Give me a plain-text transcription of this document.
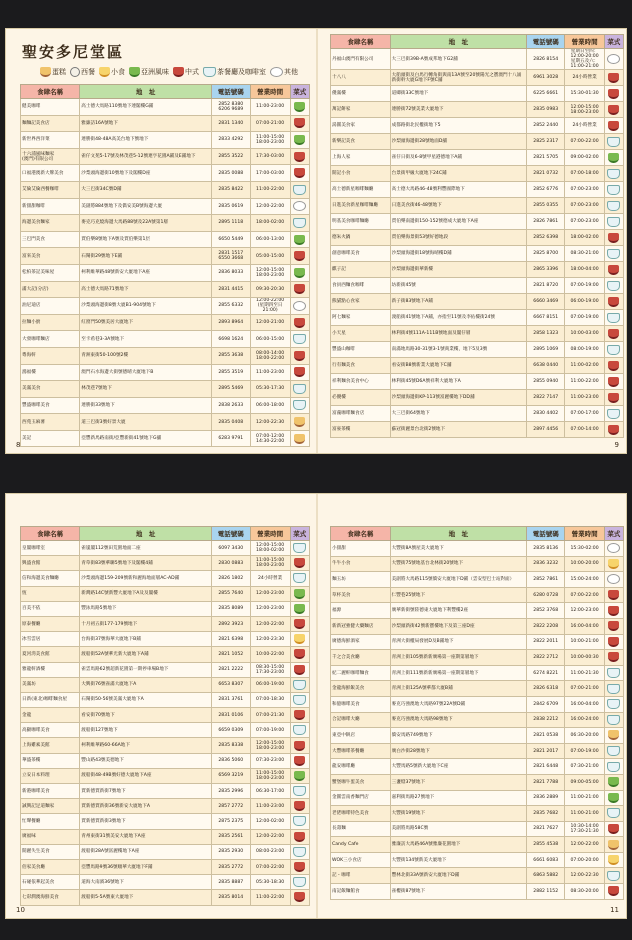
聖安多尼堂區
蛋糕 西餐 小食 亞洲風味 中式	茶餐廳及咖啡室	其他
食肆名稱	地　址	電話號碼	營業時間	菜式
健美咖啡	高士德大馬路110號地下連閣樓G鋪	2852 8380
6206 9689	11:00-23:00	
麵麵記美食店	雅廉訪16A號地下	2831 1340	07:00-21:00	
新世界西洋菜	連勝街48-48A高美台地下號地下	2833 4292	11:00-15:00
18:00-23:00	
十六浦風味麵家
(澳門)有限公司	雀仔文苑5-17號及林茂巷5-12號連亨花園A鋪及E鋪地下	2855 3522	17:30-03:00	
口福港澳新大牌美食	沙梨頭海邊街10號地下及閣樓D座	2835 0088	17:00-03:00	
艾倫艾倫西餐咖啡	大三巴街34C號D鋪	2835 8422	11:00-22:00	
新甜甜咖啡	美副將884號地下及僑安美B號海邊大廈	2835 0619	12:00-22:00	
海邊美食麵家	麥克巧克燒海邊大馬路88號及22A號第1層	2895 1118	18:00-02:00	
三巴門美食	賈伯樂8號地下A號及賈伯樂第1层	6650 5449	06:00-13:00	
富來美食	石閘街29號地下E鋪	2831 1517
6550 3668	05:00-15:00	
松柏茶記美味屋	柯利維華路48號新安大廈地下A座	2836 8033	12:00-15:00
18:00-23:00	
滿大記(分店)	高士德大馬路71號地下	2831 4415	09:30-20:30	
油尼迪店	沙梨頭海邊街8號大廈B1-904號地下	2855 6332	12:00-22:00
(星期四至日
21:00)	
拉麵小廚	紅窗門50號美居大廈地下	2893 8964	12:00-21:00	
大發咖啡麵店	至卡希巷3-3A號地下	6698 1624	06:00-15:00	
粵海軒	青洲東街50-100號2樓	2855 3638	08:00-14:00
18:00-22:00	
鴻福樓	澳門石水海邊大街號德晴大廈地下B	2855 3519	11:00-23:00	
美滿美食	林茂巷7號地下	2895 5469	05:30-17:30	
豐盛咖啡美食	連勝街33號地下	2838 2633	06:00-18:00	
西苑玉麻薯	道三巴街3號好景大廈	2835 0408	12:00-22:30	
美記	亞豐新馬路南街/亞豐新街41號地下G舖	6283 9791	07:00-12:00
14:30-22:00	
8
食肆名稱	地　址	電話號碼	營業時間	菜式
丹福山澳門有限公司	大三巴街39B-A號成邦地下G2舖	2826 8154	星期日至四：
12:00-20:00
星期五及六：
11:00-21:00	
十八八	大船頭街及白馬行轉角街與南13A號至20號陽光之寶澳門十八涌新街幹大廈G地下F號C舖	6961 3028	24小時營業	
優滿樓	道卿街33C號地下	6225 6661	15:30-01:30	
萬記餅家	連勝街72號美業大廈地下	2835 0983	12:00-15:00
18:00-23:00	
湯圓美食家	成都路街北民權街地下5	2852 2440	24小時營業	
新樂記美食	沙梨頭海邊街28號地面D舖	2825 2317	07:00-22:00	
上海人家	雀仔日街及6-8號甲星港德地下A鋪	2821 5705	09:00-02:00	
開記小食	台景街甲級大廈地下24C鋪	2821 0732	07:00-18:00	
高士德新星咖啡麵廳	高士德大馬路46-48號利豐國際地下	2852 6776	07:00-23:00	
日進美食新星咖啡麵廳	日進美食街46-48號地下	2855 0355	07:00-23:00	
明基美食咖啡麵廳	賈伯樂南邊街150-152號德成大廈地下A座	2826 7861	07:00-23:00	
德朱火鍋	賈伯樂海景街53號好德地段	2852 6398	18:00-02:00	
創意咖啡美食	沙梨頭海邊街18號海晴樓D鋪	2825 8700	08:30-21:00	
麒子記	沙梨頭海邊街華新樓	2865 3396	18:00-04:00	
食員西麵食咖啡	坊新街45號	2821 8720	07:00-19:00	
熊貓點心食家	新子街83號地下A鋪	6660 3469	06:00-19:00	
阿七麵家	渡船街41號地下A鋪，亦指至11號及李佑樓街24號	6667 8151	07:00-19:00	
小天星	林利街4號111A-111B號地面及閣仔層	2858 1323	10:00-03:00	
豐盛山咖啡	南滿地馬路30-31號3-1號商業樓，地下5及3號	2895 1069	08:00-19:00	
行有麵美食	看安街B8號新業大廈地下C舖	6638 0440	11:00-02:00	
祥利麵食美食中心	林利街45號D6A號祥利大廈地下A	2855 0940	11:00-22:00	
必優樓	沙梨頭海邊街KP-113號富麗樓地下DD舖	2822 7147	11:00-23:00	
富藻咖啡麵食店	大三巴街64號地下	2830 4402	07:00-17:00	
富豪茶樓	蘇冠街麗景台北街2號地下	2897 4456	07:00-14:00	
9
食肆名稱	地　址	電話號碼	營業時間	菜式
皇閣咖啡室	雀嵐閣112號田荒園地面二座	6097 3430	12:00-15:00
18:00-02:00	
興盛食館	青草街83號華聯5號地下及閣樓4鋪	2830 0883	11:00-15:00
18:00-23:00	
信和海邊美食麵廳	沙梨頭海邊159-209號新和麗海地面層AC-AD鋪	2826 1802	24小時營業	
恆	新灣路14C號新豐大廈地下A及及閣樓	2855 7640	12:00-23:00	
百美不依	豐泳馬路5號地下	2835 8089	12:00-23:00	
原泰餐廳	十月初五街177-179號地下	2892 3923	12:00-22:00	
冰雪雲居	台海街37號海華大廈地下B鋪	2821 6398	12:00-23:30	
夏河湾美食館	渡船街52A號華光新大廈地下A鋪	2821 1052	10:00-22:00	
雅龍軒酒樓	雀雲馬路62號超新花園第一期停車場B地下	2821 2222	08:30-15:00
17:30-23:00	
美滿坊	大興街76號雀滿大廈地下A	6653 8307	06:00-19:00	
日新(東北)咖啡麵食屋	石閘街50-56號美滿大廈地下A	2831 3761	07:00-18:30	
金龍	看安街70號地下	2831 0106	07:00-21:30	
高顯咖啡美食	渡船街127號地下	6659 0309	07:00-19:00	
上海雞素美館	柯利維華路60-66A地下	2835 8338	12:00-15:00
18:00-23:00	
華盛茶樓	豐山路43號美德地下	2836 5060	07:30-23:00	
立安日本料理	渡船街48-49B號好德大廈地下A座	6569 3219	11:00-15:00
18:00-23:00	
新港咖啡美食	賈新德賈新街7號地下	2835 2996	06:30-17:00	
誠興記足道麵家	賈新德賈新街36號新安大廈地下A	2857 2772	11:00-23:00	
忙聲餐廳	賈新德賈新街3號地下	2875 2375	12:00-02:00	
廣福味	青州東街31號美安大廈地下A座	2835 2561	12:00-22:00	
開麗失生美食	渡船街28A號富麗樓地下A座	2835 2930	08:00-23:00	
佰家美食廳	亞豐馬路9號36號順華大廈地下F鋪	2835 2772	07:00-22:00	
石碰依華起美食	道海大南濱36號地下	2835 8887	05:30-18:30	
七彩潤澳海鮮美食	渡船街5-5A號東大廈地下	2835 8014	11:00-22:00	
10
食肆名稱	地　址	電話號碼	營業時間	菜式
小甜甜	大豐街8A號屋美大廈地下	2835 8136	15:30-02:00	
牛牛小食	大豐街75號地基台北林街20號地下	2836 3232	10:00-20:00	
麵玉坊	美副將大馬路115號僑安大廈地下D鋪（雲安型巴士站對面）	2852 7861	15:00-24:00	
草杯美食	仁豐巷25號地下	6280 0728	07:00-22:00	
福源	廣華新街號陸德東大廈地下利豐樓2座	2852 3768	12:00-23:00	
新新冠強健大藥麵店	沙梨頭新街42號新寶樓地下及第三座D座	2822 2208	16:00-04:00	
廣德海鮮酒家	青洲大街權局發展D及B鋪地下	2822 2011	10:00-21:00	
千之合美食廳	青洲上街105號新新廣場第一座期第層地下	2822 2712	10:00-00:30	
紀二麗軒咖啡麵食	青洲上街111號新新廣場第一座期第層地下	6274 8221	11:00-21:30	
金龍海鮮飯美食	青洲上街125A號華都大廈B鋪	2826 6318	07:00-21:00	
和億咖啡美食	麥克巧強澳地大馬路97號22A號D鋪	2842 6709	16:00-04:00	
合記咖啡大廳	麥克巧強澳地大馬路98號地下	2838 2212	16:00-24:00	
東亞中餅店	僑安馬路749號地下	2821 0538	06:30-20:00	
大豐咖啡茶餐廳	廣白沙街28號地下	2821 2017	07:00-19:00	
龍安咖啡廳	大豐馬路5號新大廈地下C座	2821 6448	07:30-21:00	
蟹堡咖牛蛋美食	三盞燈37號地下	2821 7788	09:00-05:00	
金圓雲南香麵門店	嘉利街馬路27號地下	2836 2889	11:00-21:00	
老佬咖啡特色美食	大豐街19號地下	2835 7682	11:00-21:00	
長壽麵	美副將馬路58C號	2821 7627	10:30-14:00
17:30-21:30	
Candy Cafe	雅廉訪大馬路46A號雅廉花園地下	2855 4538	12:00-22:00	
WOK三小食店	大豐街134號新美大廈地下	6661 6083	07:00-20:00	
記・咖啡	豐林北街33A號新安大廈地下D鋪	6863 5882	12:00-22:30	
南記飯麵館食	雀櫻街87號地下	2882 1152	08:30-20:00	
11
